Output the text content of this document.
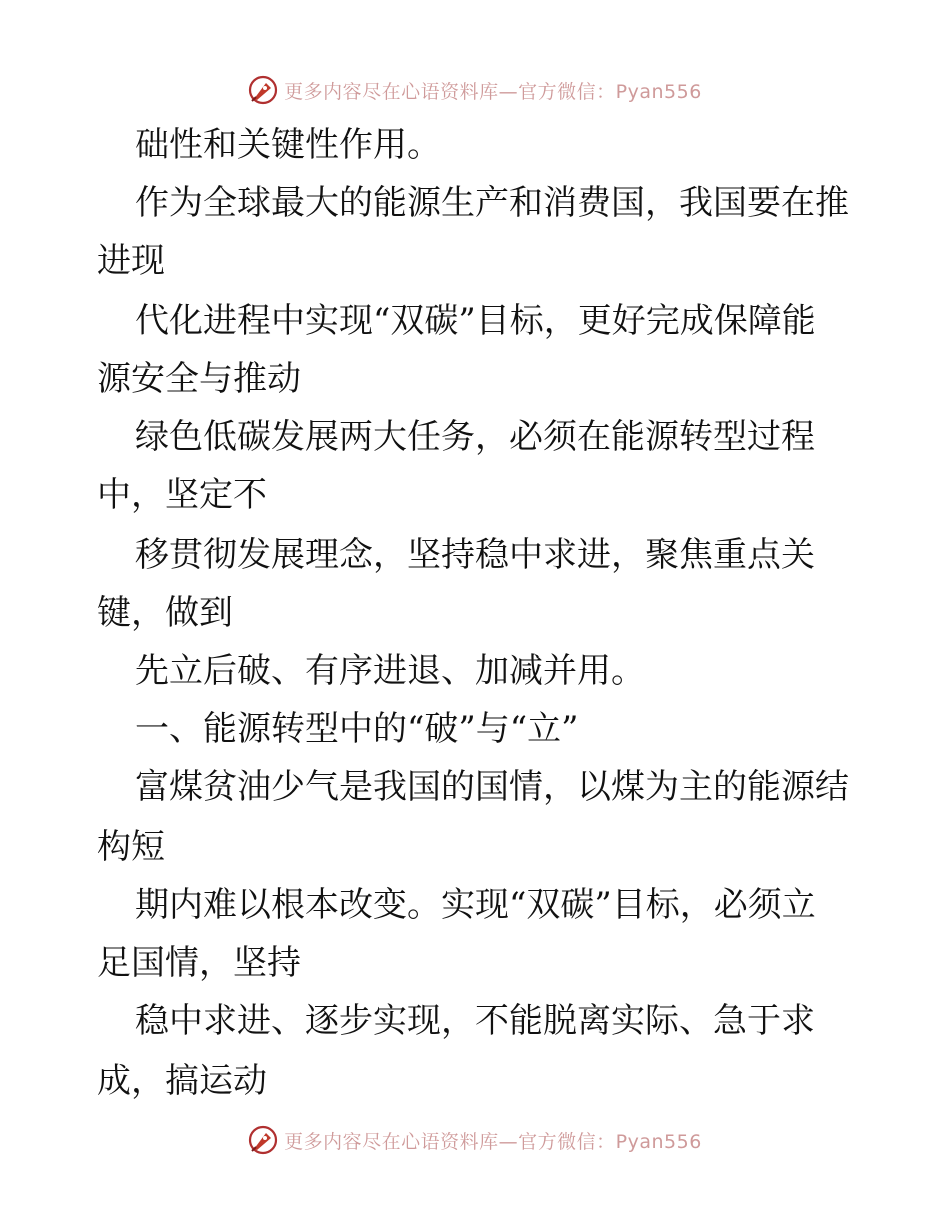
更多内容尽在心语资料库—官方微信：Pyan556
础性和关键性作用。
作为全球最大的能源生产和消费国，我国要在推
进现
代化进程中实现“双碳”目标，更好完成保障能
源安全与推动
绿色低碳发展两大任务，必须在能源转型过程
中，坚定不
移贯彻发展理念，坚持稳中求进，聚焦重点关
键，做到
先立后破、有序进退、加减并用。
一、能源转型中的“破”与“立”
富煤贫油少气是我国的国情，以煤为主的能源结
构短
期内难以根本改变。实现“双碳”目标，必须立
足国情，坚持
稳中求进、逐步实现，不能脱离实际、急于求
成，搞运动
更多内容尽在心语资料库—官方微信：Pyan556
